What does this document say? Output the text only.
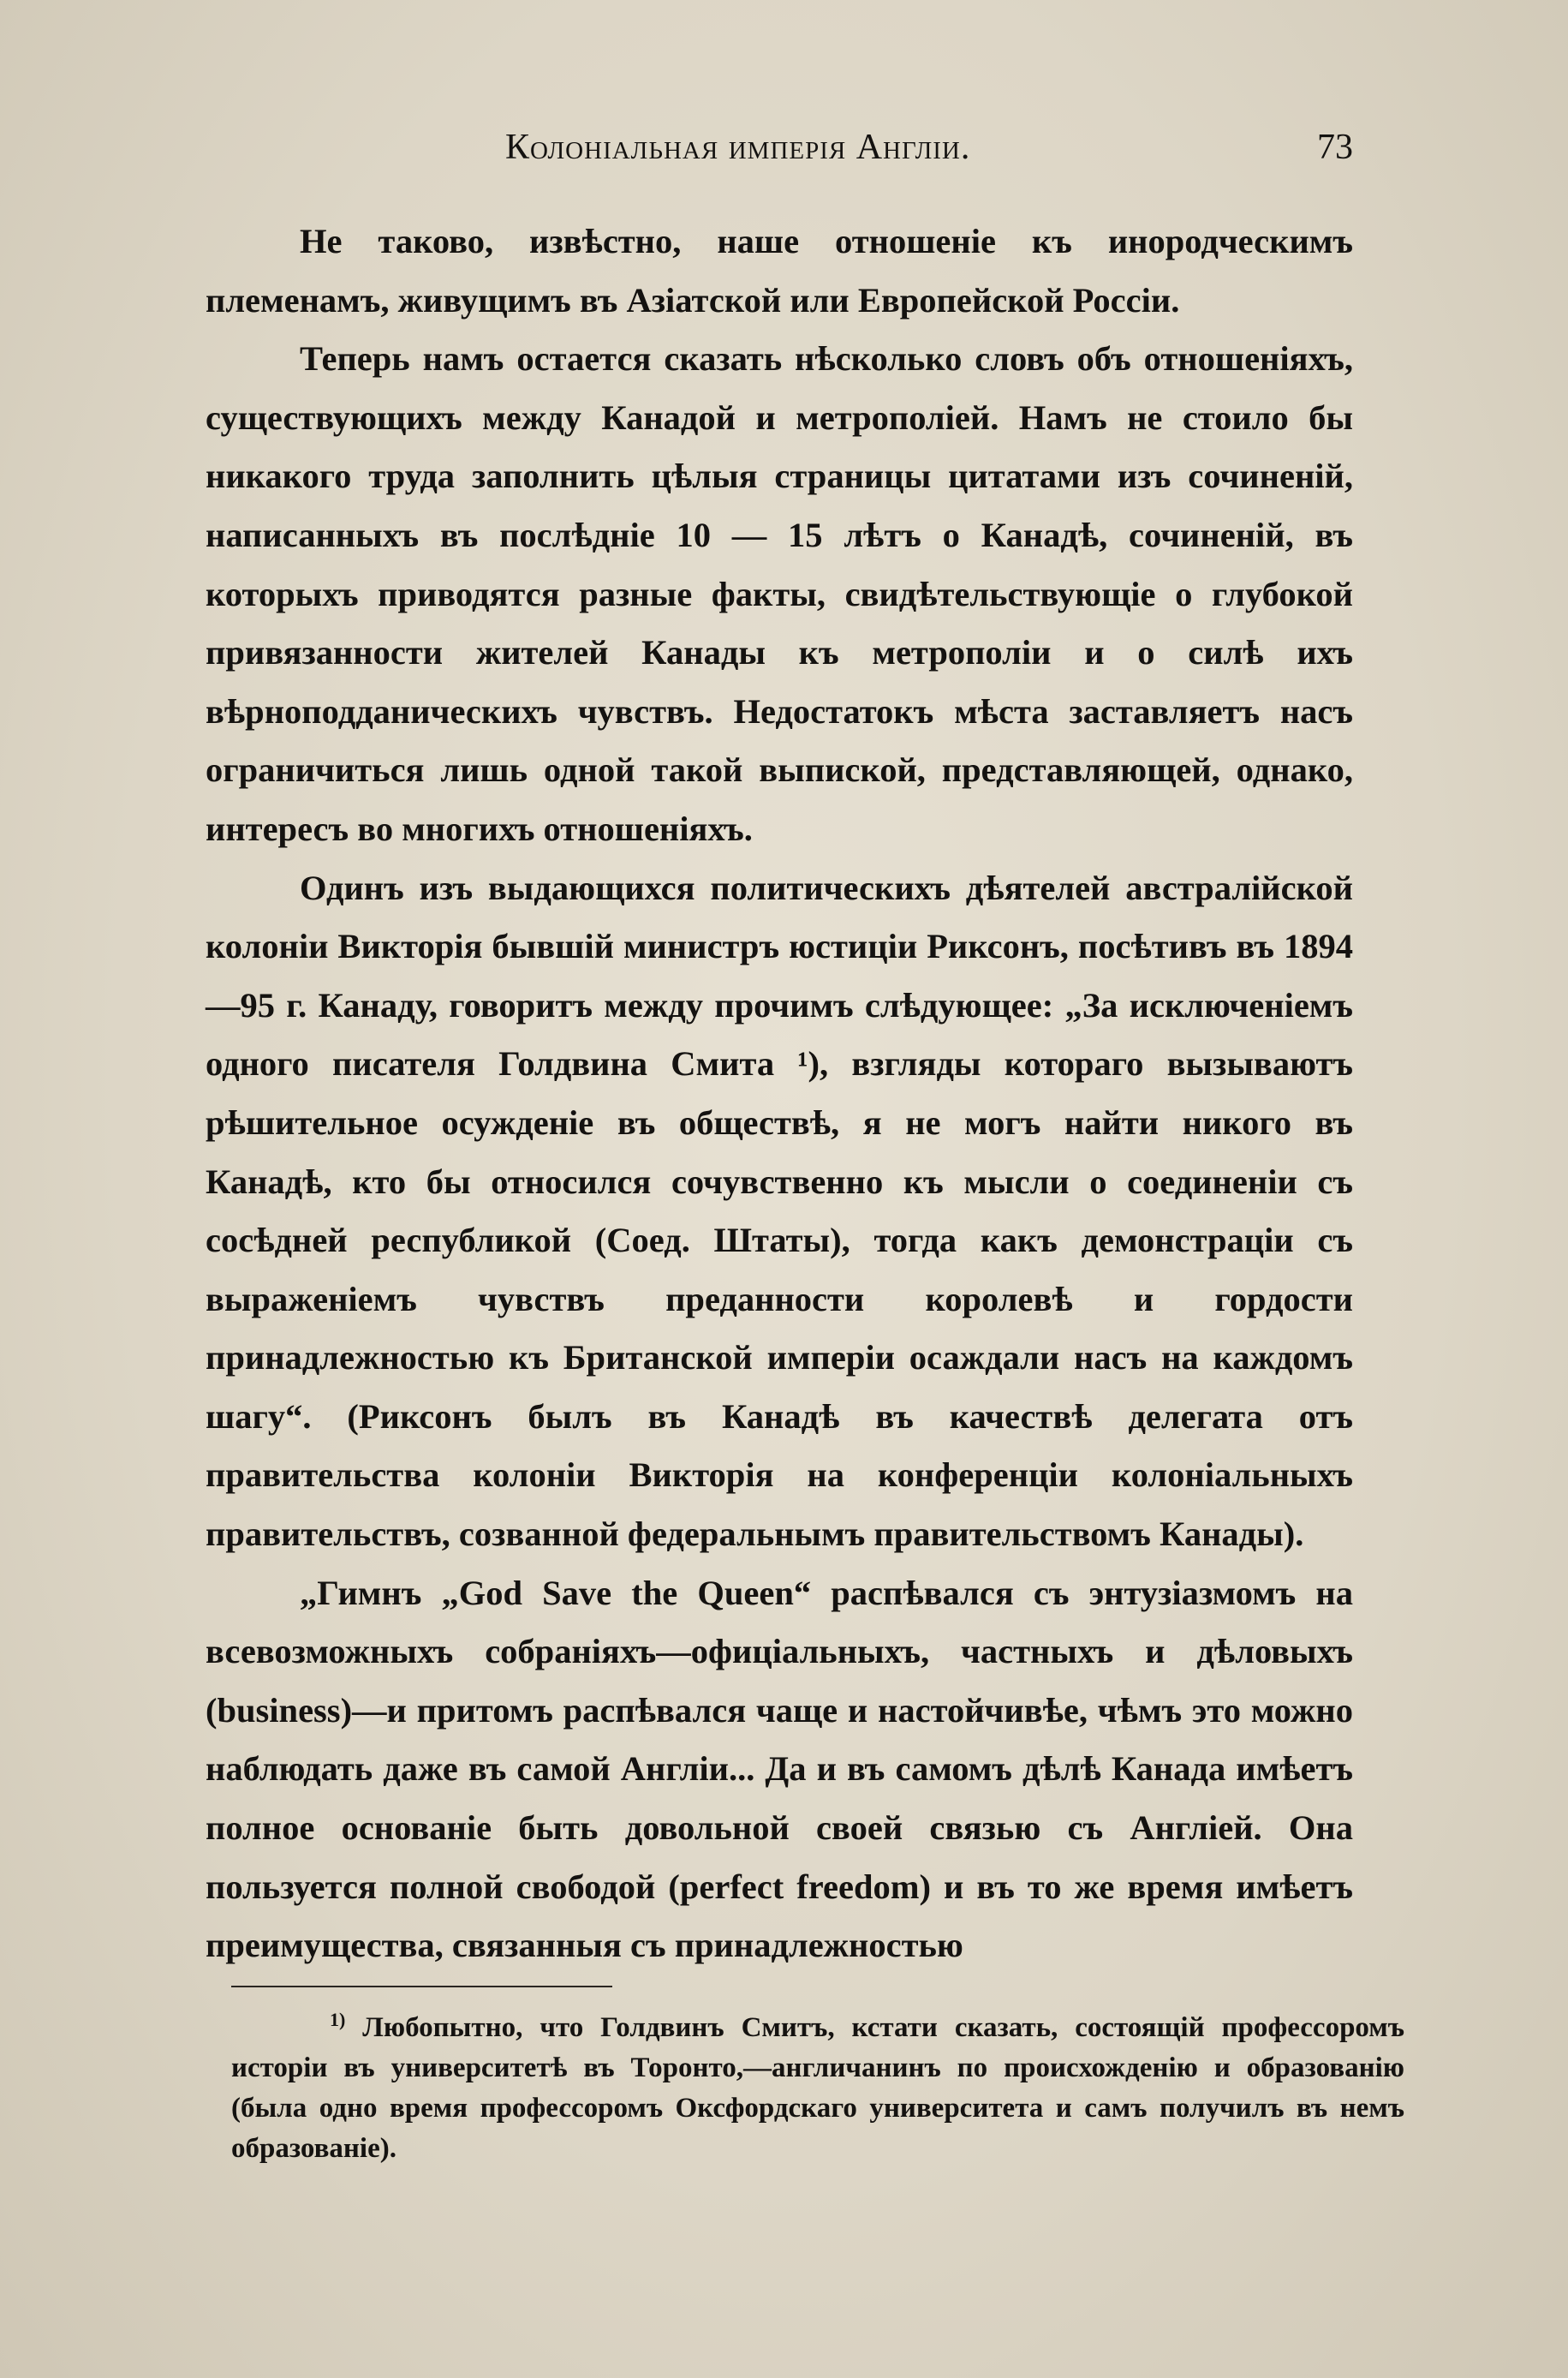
Колоніальная имперія Англіи.	73

Не таково, извѣстно, наше отношеніе къ инородческимъ племенамъ, живущимъ въ Азіатской или Европейской Россіи.

Теперь намъ остается сказать нѣсколько словъ объ отношеніяхъ, существующихъ между Канадой и метрополіей. Намъ не стоило бы никакого труда заполнить цѣлыя страницы цитатами изъ сочиненій, написанныхъ въ послѣдніе 10 — 15 лѣтъ о Канадѣ, сочиненій, въ которыхъ приводятся разные факты, свидѣтельствующіе о глубокой привязанности жителей Канады къ метрополіи и о силѣ ихъ вѣрноподданическихъ чувствъ. Недостатокъ мѣста заставляетъ насъ ограничиться лишь одной такой выпиской, представляющей, однако, интересъ во многихъ отношеніяхъ.

Одинъ изъ выдающихся политическихъ дѣятелей австралійской колоніи Викторія бывшій министръ юстиціи Риксонъ, посѣтивъ въ 1894—95 г. Канаду, говоритъ между прочимъ слѣдующее: „За исключеніемъ одного писателя Голдвина Смита ¹), взгляды котораго вызываютъ рѣшительное осужденіе въ обществѣ, я не могъ найти никого въ Канадѣ, кто бы относился сочувственно къ мысли о соединеніи съ сосѣдней республикой (Соед. Штаты), тогда какъ демонстраціи съ выраженіемъ чувствъ преданности королевѣ и гордости принадлежностью къ Британской имперіи осаждали насъ на каждомъ шагу“. (Риксонъ былъ въ Канадѣ въ качествѣ делегата отъ правительства колоніи Викторія на конференціи колоніальныхъ правительствъ, созванной федеральнымъ правительствомъ Канады).

„Гимнъ „God Save the Queen“ распѣвался съ энтузіазмомъ на всевозможныхъ собраніяхъ—офиціальныхъ, частныхъ и дѣловыхъ (business)—и притомъ распѣвался чаще и настойчивѣе, чѣмъ это можно наблюдать даже въ самой Англіи... Да и въ самомъ дѣлѣ Канада имѣетъ полное основаніе быть довольной своей связью съ Англіей. Она пользуется полной свободой (perfect freedom) и въ то же время имѣетъ преимущества, связанныя съ принадлежностью

$^{1)}$ Любопытно, что Голдвинъ Смитъ, кстати сказать, состоящій профессоромъ исторіи въ университетѣ въ Торонто,—англичанинъ по происхожденію и образованію (была одно время профессоромъ Оксфордскаго университета и самъ получилъ въ немъ образованіе).
